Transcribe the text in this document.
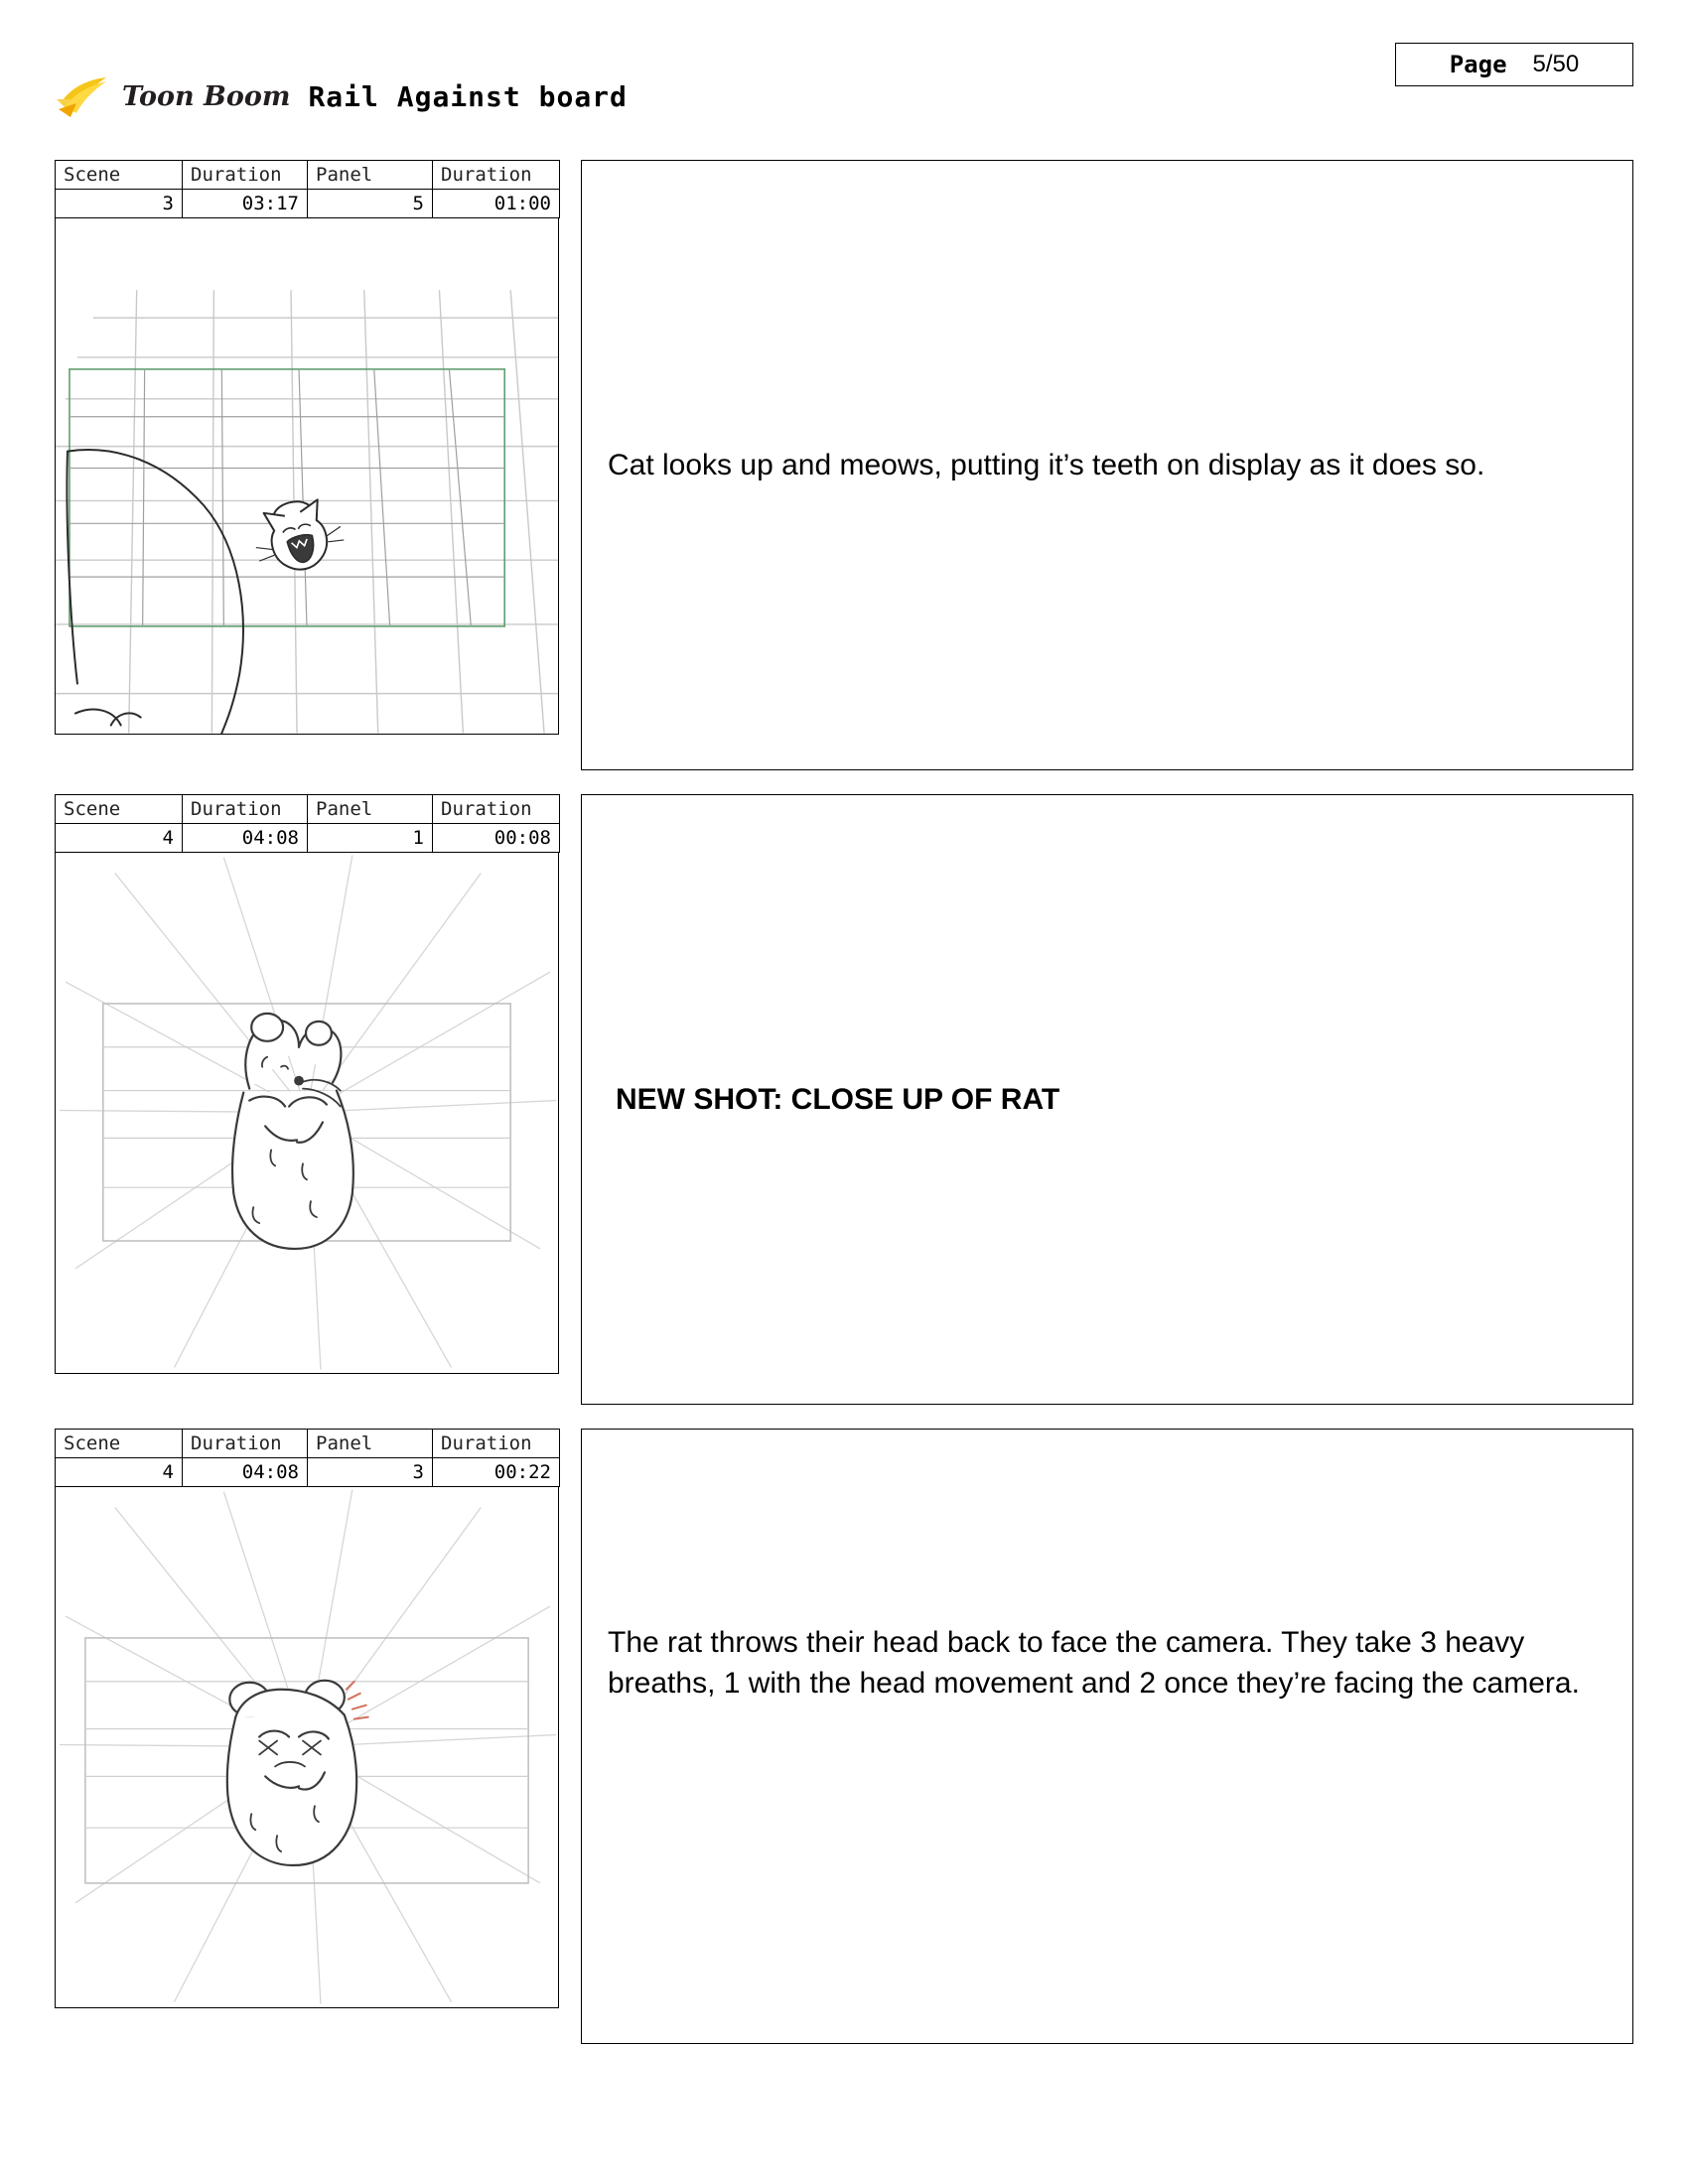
Toon Boom Rail Against board
Page 5/50
Scene	Duration	Panel	Duration
3	03:17	5	01:00
Cat looks up and meows, putting it’s teeth on display as it does so.
Scene	Duration	Panel	Duration
4	04:08	1	00:08
NEW SHOT: CLOSE UP OF RAT
Scene	Duration	Panel	Duration
4	04:08	3	00:22
The rat throws their head back to face the camera. They take 3 heavy breaths, 1 with the head movement and 2 once they’re facing the camera.
